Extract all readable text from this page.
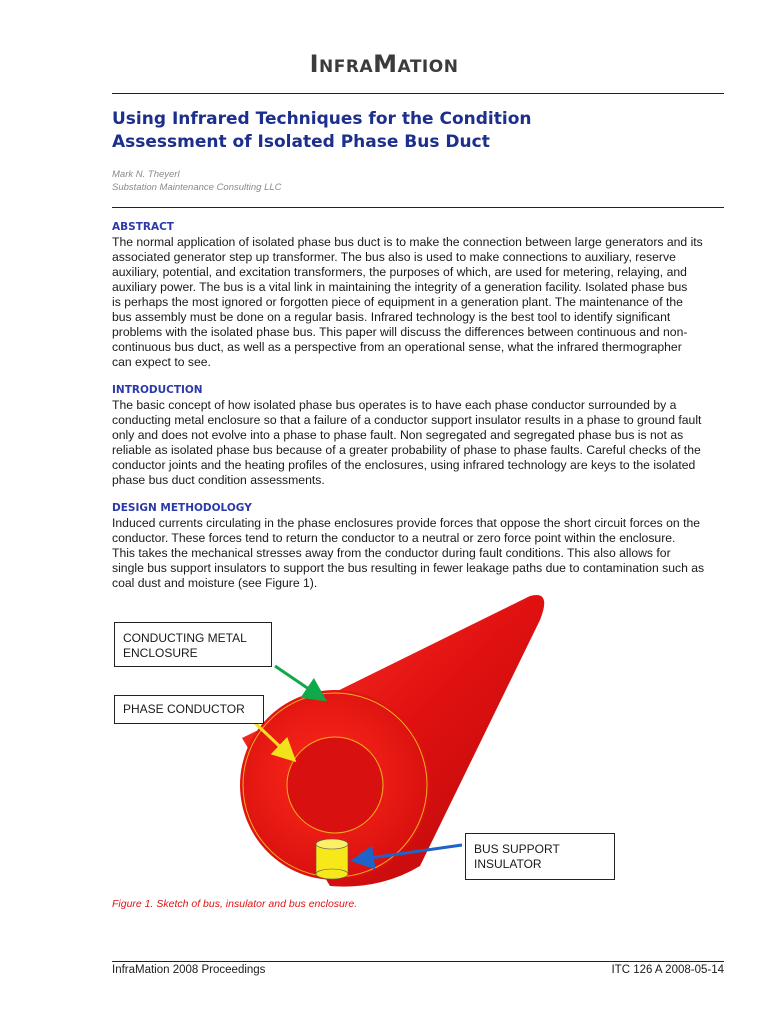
InfraMation
Using Infrared Techniques for the Condition
Assessment of Isolated Phase Bus Duct
Mark N. Theyerl
Substation Maintenance Consulting LLC
ABSTRACT
The normal application of isolated phase bus duct is to make the connection between large generators and its
associated generator step up transformer. The bus also is used to make connections to auxiliary, reserve
auxiliary, potential, and excitation transformers, the purposes of which, are used for metering, relaying, and
auxiliary power. The bus is a vital link in maintaining the integrity of a generation facility. Isolated phase bus
is perhaps the most ignored or forgotten piece of equipment in a generation plant. The maintenance of the
bus assembly must be done on a regular basis. Infrared technology is the best tool to identify significant
problems with the isolated phase bus. This paper will discuss the differences between continuous and non-
continuous bus duct, as well as a perspective from an operational sense, what the infrared thermographer
can expect to see.
INTRODUCTION
The basic concept of how isolated phase bus operates is to have each phase conductor surrounded by a
conducting metal enclosure so that a failure of a conductor support insulator results in a phase to ground fault
only and does not evolve into a phase to phase fault. Non segregated and segregated phase bus is not as
reliable as isolated phase bus because of a greater probability of phase to phase faults. Careful checks of the
conductor joints and the heating profiles of the enclosures, using infrared technology are keys to the isolated
phase bus duct condition assessments.
DESIGN METHODOLOGY
Induced currents circulating in the phase enclosures provide forces that oppose the short circuit forces on the
conductor. These forces tend to return the conductor to a neutral or zero force point within the enclosure.
This takes the mechanical stresses away from the conductor during fault conditions. This also allows for
single bus support insulators to support the bus resulting in fewer leakage paths due to contamination such as
coal dust and moisture (see Figure 1).
CONDUCTING METAL
ENCLOSURE
PHASE CONDUCTOR
BUS SUPPORT
INSULATOR
Figure 1. Sketch of bus, insulator and bus enclosure.
InfraMation 2008 Proceedings	ITC 126 A 2008-05-14
